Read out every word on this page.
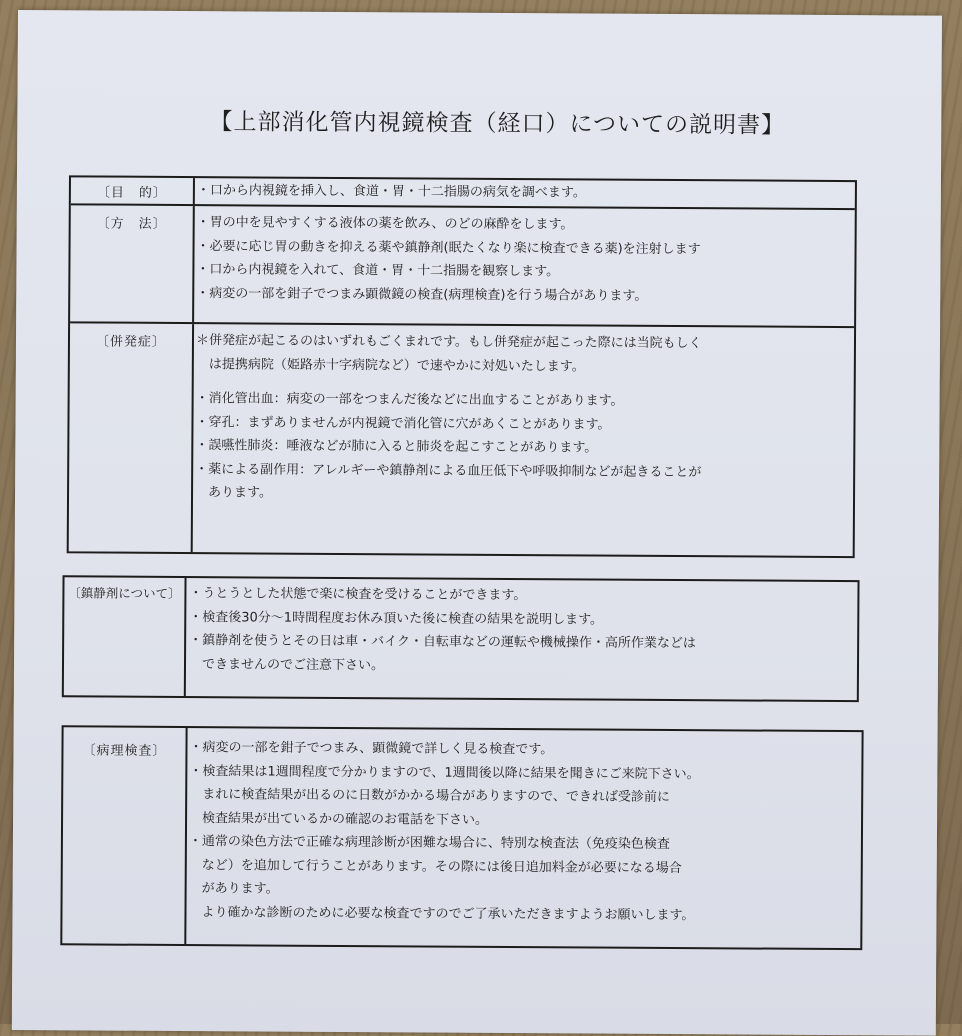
【上部消化管内視鏡検査（経口）についての説明書】
〔目　的〕	・口から内視鏡を挿入し、食道・胃・十二指腸の病気を調べます。
〔方　法〕	・胃の中を見やすくする液体の薬を飲み、のどの麻酔をします。
・必要に応じ胃の動きを抑える薬や鎮静剤(眠たくなり楽に検査できる薬)を注射します
・口から内視鏡を入れて、食道・胃・十二指腸を観察します。
・病変の一部を鉗子でつまみ顕微鏡の検査(病理検査)を行う場合があります。
〔併発症〕	＊併発症が起こるのはいずれもごくまれです。もし併発症が起こった際には当院もしく
は提携病院（姫路赤十字病院など）で速やかに対処いたします。
・消化管出血：病変の一部をつまんだ後などに出血することがあります。
・穿孔：まずありませんが内視鏡で消化管に穴があくことがあります。
・誤嚥性肺炎：唾液などが肺に入ると肺炎を起こすことがあります。
・薬による副作用：アレルギーや鎮静剤による血圧低下や呼吸抑制などが起きることが
あります。
〔鎮静剤について〕 ・うとうとした状態で楽に検査を受けることができます。
・検査後30分～1時間程度お休み頂いた後に検査の結果を説明します。
・鎮静剤を使うとその日は車・バイク・自転車などの運転や機械操作・高所作業などは
できませんのでご注意下さい。
〔病理検査〕	・病変の一部を鉗子でつまみ、顕微鏡で詳しく見る検査です。
・検査結果は1週間程度で分かりますので、1週間後以降に結果を聞きにご来院下さい。
まれに検査結果が出るのに日数がかかる場合がありますので、できれば受診前に
検査結果が出ているかの確認のお電話を下さい。
・通常の染色方法で正確な病理診断が困難な場合に、特別な検査法（免疫染色検査
など）を追加して行うことがあります。その際には後日追加料金が必要になる場合
があります。
より確かな診断のために必要な検査ですのでご了承いただきますようお願いします。
